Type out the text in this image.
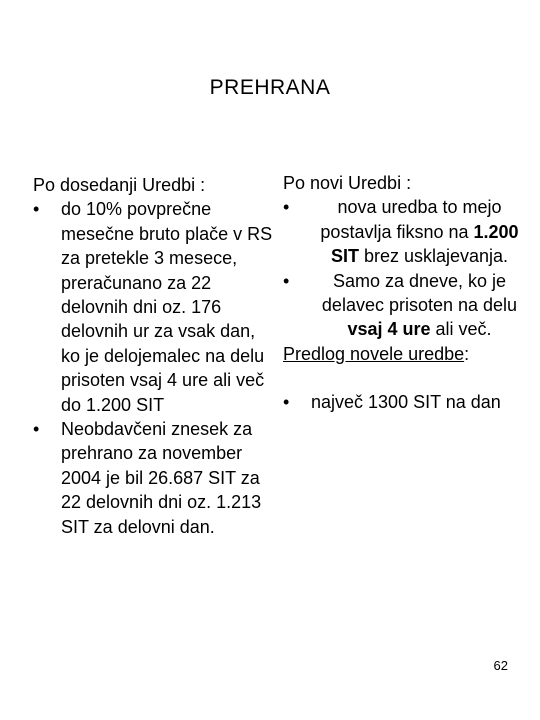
PREHRANA
Po dosedanji Uredbi :
• do 10% povprečne mesečne bruto plače v RS za pretekle 3 mesece, preračunano za 22 delovnih dni oz. 176 delovnih ur za vsak dan, ko je delojemalec na delu prisoten vsaj 4 ure ali več do 1.200 SIT
• Neobdavčeni znesek za prehrano za november 2004 je bil 26.687 SIT za 22 delovnih dni oz. 1.213 SIT za delovni dan.
Po novi Uredbi :
•	nova uredba to mejo postavlja fiksno na 1.200 SIT brez usklajevanja.
•	Samo za dneve, ko je delavec prisoten na delu vsaj 4 ure ali več.
Predlog novele uredbe:
• največ 1300 SIT na dan
62
